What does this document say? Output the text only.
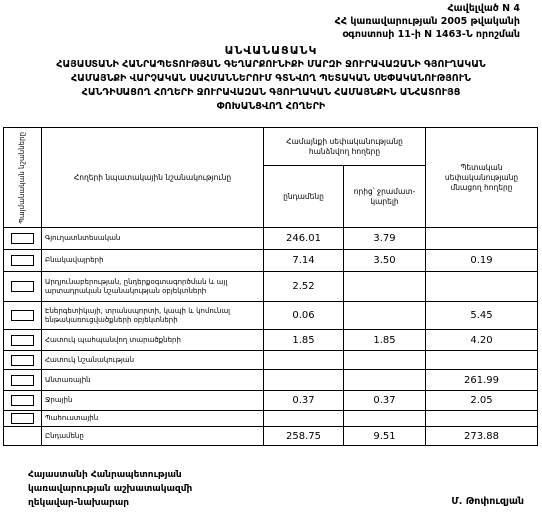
Հավելված N 4
ՀՀ կառավարության 2005 թվականի
օգոստոսի 11-ի N 1463-Ն որոշման
ԱՆՎԱՆԱՑԱՆԿ
ՀԱՅԱՍՏԱՆԻ ՀԱՆՐԱՊԵՏՈՒԹՅԱՆ ԳԵՂԱՐՔՈՒՆԻՔԻ ՄԱՐԶԻ ՋՈՒՐԱՎԱԶԱՆԻ ԳՅՈՒՂԱԿԱՆ
ՀԱՄԱՅՆՔԻ ՎԱՐՉԱԿԱՆ ՍԱՀՄԱՆՆԵՐՈՒՄ ԳՏՆՎՈՂ ՊԵՏԱԿԱՆ ՍԵՓԱԿԱՆՈՒԹՅՈՒՆ
ՀԱՆԴԻՍԱՑՈՂ ՀՈՂԵՐԻ ՋՈՒՐԱՎԱԶԱՆ ԳՅՈՒՂԱԿԱՆ ՀԱՄԱՅՆՔԻՆ ԱՆՀԱՏՈՒՅՑ
ՓՈԽԱՆՑՎՈՂ ՀՈՂԵՐԻ
Պայմանական նշանները	Հողերի նպատակային նշանակությունը	Համայնքի սեփականությանը հանձնվող հողերը		Պետական սեփականությանը մնացող հողերը
		ընդամենը	որից՝ ջրամատ-կարելի	
	Գյուղատնտեսական	246.01	3.79	
	Բնակավայրերի	7.14	3.50	0.19
	Արդյունաբերության, ընդերքօգտագործման և այլ արտադրական նշանակության օբյեկտների	2.52		
	Էներգետիկայի, տրանսպորտի, կապի և կոմունալ ենթակառուցվածքների օբյեկտների	0.06		5.45
	Հատուկ պահպանվող տարածքների	1.85	1.85	4.20
	Հատուկ նշանակության			
	Անտառային			261.99
	Ջրային	0.37	0.37	2.05
	Պահուստային			
	Ընդամենը	258.75	9.51	273.88
Հայաստանի Հանրապետության
կառավարության աշխատակազմի
ղեկավար-նախարար	Մ. Թոփուզյան
